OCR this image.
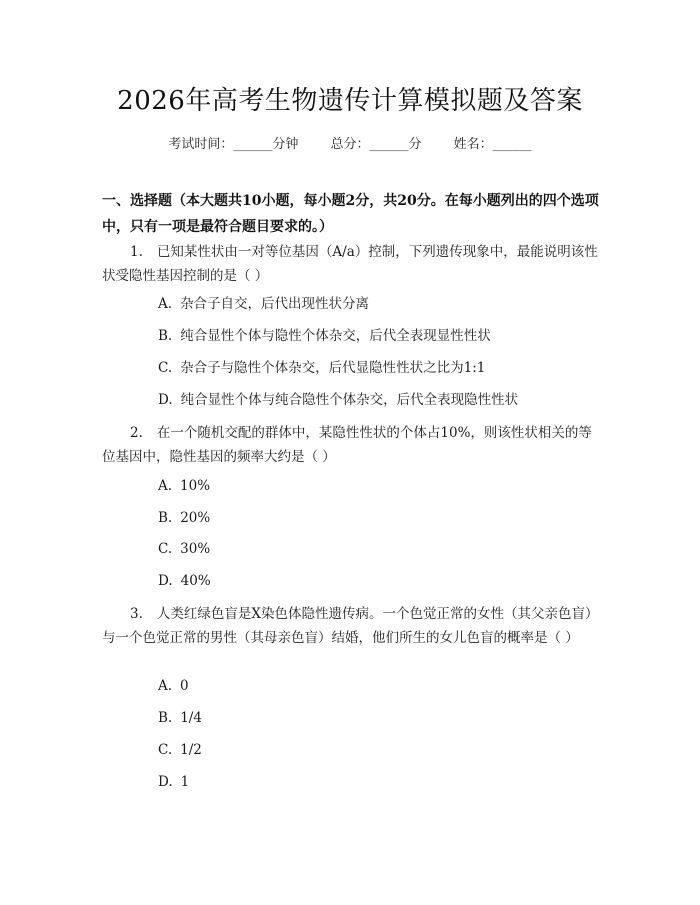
2026年高考生物遗传计算模拟题及答案
考试时间：______分钟 总分：______分 姓名：______
一、选择题（本大题共10小题，每小题2分，共20分。在每小题列出的四个选项中，只有一项是最符合题目要求的。）
1. 已知某性状由一对等位基因（A/a）控制，下列遗传现象中，最能说明该性状受隐性基因控制的是（ ）
A. 杂合子自交，后代出现性状分离
B. 纯合显性个体与隐性个体杂交，后代全表现显性性状
C. 杂合子与隐性个体杂交，后代显隐性性状之比为1:1
D. 纯合显性个体与纯合隐性个体杂交，后代全表现隐性性状
2. 在一个随机交配的群体中，某隐性性状的个体占10%，则该性状相关的等位基因中，隐性基因的频率大约是（ ）
A. 10%
B. 20%
C. 30%
D. 40%
3. 人类红绿色盲是X染色体隐性遗传病。一个色觉正常的女性（其父亲色盲）与一个色觉正常的男性（其母亲色盲）结婚，他们所生的女儿色盲的概率是（ ）
A. 0
B. 1/4
C. 1/2
D. 1
